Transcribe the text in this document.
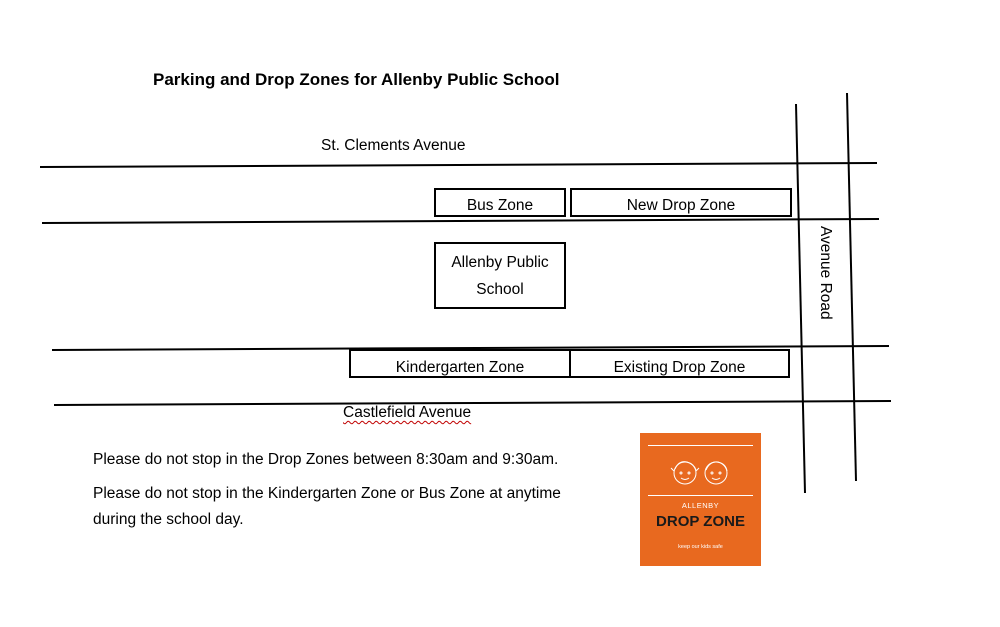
Parking and Drop Zones for Allenby Public School
St. Clements Avenue
Castlefield Avenue
Avenue Road
Bus Zone	New Drop Zone
Allenby Public
School
Kindergarten Zone	Existing Drop Zone
Please do not stop in the Drop Zones between 8:30am and 9:30am.
Please do not stop in the Kindergarten Zone or Bus Zone at anytime
during the school day.
ALLENBY
DROP ZONE
keep our kids safe
